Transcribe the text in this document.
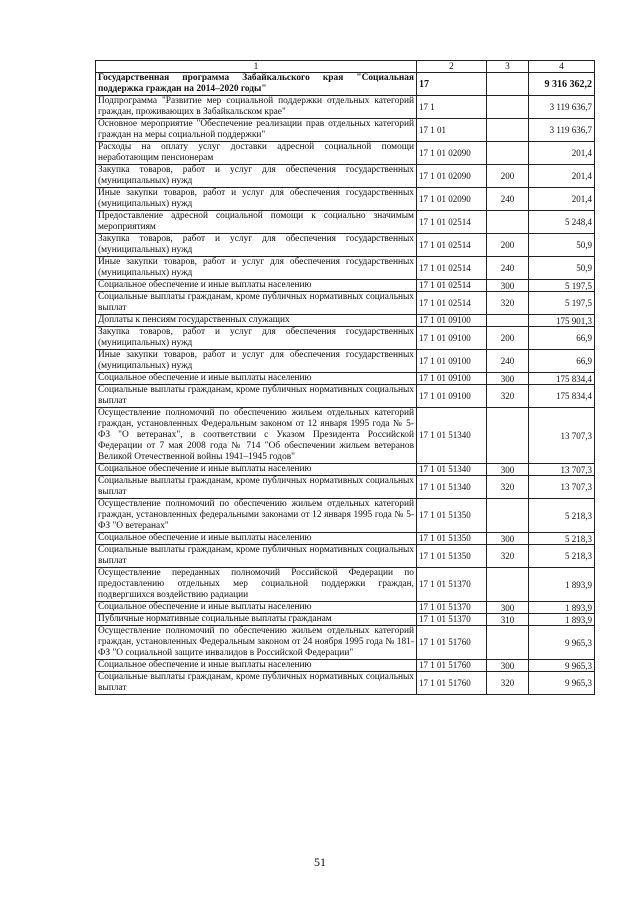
1	2	3	4
Государственная программа Забайкальского края "Социальная поддержка граждан на 2014–2020 годы"	17		9 316 362,2
Подпрограмма "Развитие мер социальной поддержки отдельных категорий граждан, проживающих в Забайкальском крае"	17 1		3 119 636,7
Основное мероприятие "Обеспечение реализации прав отдельных категорий граждан на меры социальной поддержки"	17 1 01		3 119 636,7
Расходы на оплату услуг доставки адресной социальной помощи неработающим пенсионерам	17 1 01 02090		201,4
Закупка товаров, работ и услуг для обеспечения государственных (муниципальных) нужд	17 1 01 02090	200	201,4
Иные закупки товаров, работ и услуг для обеспечения государственных (муниципальных) нужд	17 1 01 02090	240	201,4
Предоставление адресной социальной помощи к социально значимым мероприятиям	17 1 01 02514		5 248,4
Закупка товаров, работ и услуг для обеспечения государственных (муниципальных) нужд	17 1 01 02514	200	50,9
Иные закупки товаров, работ и услуг для обеспечения государственных (муниципальных) нужд	17 1 01 02514	240	50,9
Социальное обеспечение и иные выплаты населению	17 1 01 02514	300	5 197,5
Социальные выплаты гражданам, кроме публичных нормативных социальных выплат	17 1 01 02514	320	5 197,5
Доплаты к пенсиям государственных служащих	17 1 01 09100		175 901,3
Закупка товаров, работ и услуг для обеспечения государственных (муниципальных) нужд	17 1 01 09100	200	66,9
Иные закупки товаров, работ и услуг для обеспечения государственных (муниципальных) нужд	17 1 01 09100	240	66,9
Социальное обеспечение и иные выплаты населению	17 1 01 09100	300	175 834,4
Социальные выплаты гражданам, кроме публичных нормативных социальных выплат	17 1 01 09100	320	175 834,4
Осуществление полномочий по обеспечению жильем отдельных категорий граждан, установленных Федеральным законом от 12 января 1995 года № 5-ФЗ "О ветеранах", в соответствии с Указом Президента Российской Федерации от 7 мая 2008 года № 714 "Об обеспечении жильем ветеранов Великой Отечественной войны 1941–1945 годов"	17 1 01 51340		13 707,3
Социальное обеспечение и иные выплаты населению	17 1 01 51340	300	13 707,3
Социальные выплаты гражданам, кроме публичных нормативных социальных выплат	17 1 01 51340	320	13 707,3
Осуществление полномочий по обеспечению жильем отдельных категорий граждан, установленных федеральными законами от 12 января 1995 года № 5-ФЗ "О ветеранах"	17 1 01 51350		5 218,3
Социальное обеспечение и иные выплаты населению	17 1 01 51350	300	5 218,3
Социальные выплаты гражданам, кроме публичных нормативных социальных выплат	17 1 01 51350	320	5 218,3
Осуществление переданных полномочий Российской Федерации по предоставлению отдельных мер социальной поддержки граждан, подвергшихся воздействию радиации	17 1 01 51370		1 893,9
Социальное обеспечение и иные выплаты населению	17 1 01 51370	300	1 893,9
Публичные нормативные социальные выплаты гражданам	17 1 01 51370	310	1 893,9
Осуществление полномочий по обеспечению жильем отдельных категорий граждан, установленных Федеральным законом от 24 ноября 1995 года № 181-ФЗ "О социальной защите инвалидов в Российской Федерации"	17 1 01 51760		9 965,3
Социальное обеспечение и иные выплаты населению	17 1 01 51760	300	9 965,3
Социальные выплаты гражданам, кроме публичных нормативных социальных выплат	17 1 01 51760	320	9 965,3
51
